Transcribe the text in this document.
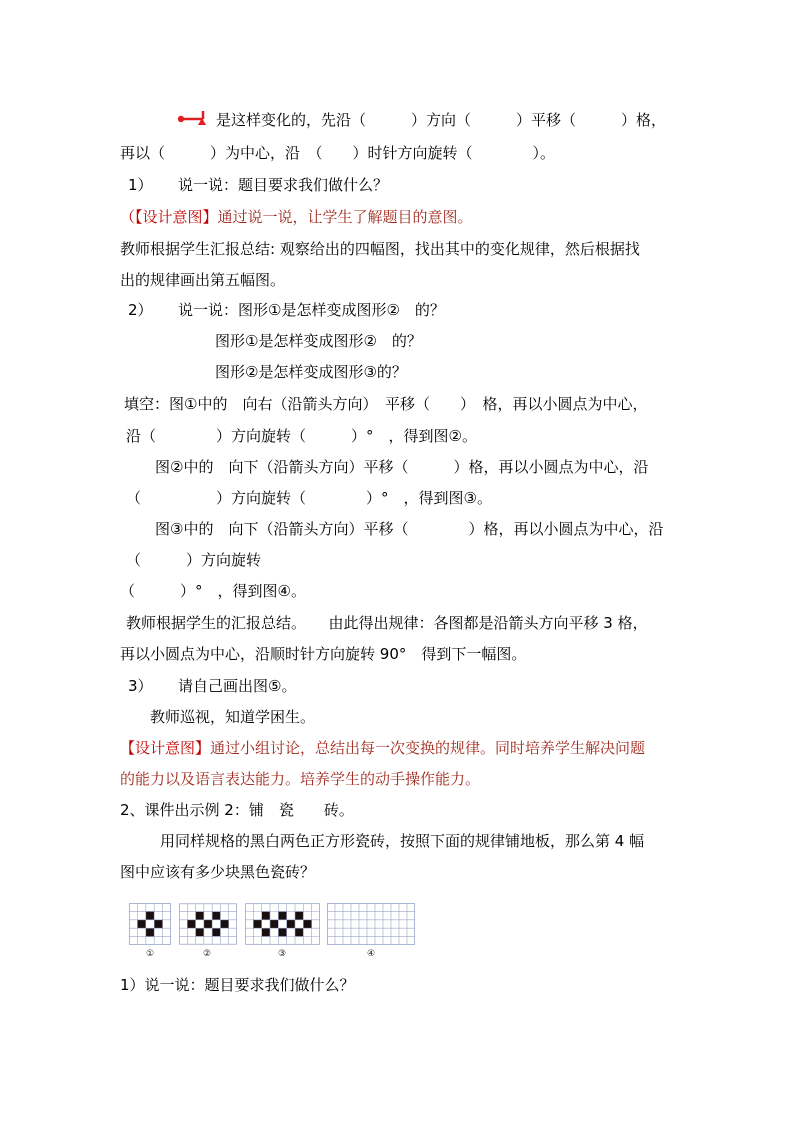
是这样变化的，先沿（　　　）方向（　　　）平移（　　　）格，
再以（　　　）为中心，沿　（　　）时针方向旋转（　　　　）。
1） 说一说：题目要求我们做什么？
（【设计意图】通过说一说，让学生了解题目的意图。
教师根据学生汇报总结: 观察给出的四幅图，找出其中的变化规律，然后根据找
出的规律画出第五幅图。
2） 说一说：图形①是怎样变成图形②　的？
图形①是怎样变成图形②　的？
图形②是怎样变成图形③的？
填空：图①中的　向右（沿箭头方向）　平移（　　）　格，再以小圆点为中心，
沿（　　　　）方向旋转（　　　）°　，得到图②。
图②中的　向下（沿箭头方向）平移（　　　）格，再以小圆点为中心，沿
（　　　　　）方向旋转（　　　　）°　，得到图③。
图③中的　向下（沿箭头方向）平移（　　　　）格，再以小圆点为中心，沿
（　　　）方向旋转
（　　　）°　，得到图④。
教师根据学生的汇报总结。　　由此得出规律：各图都是沿箭头方向平移 3 格，
再以小圆点为中心，沿顺时针方向旋转 90°　得到下一幅图。
3） 请自己画出图⑤。
教师巡视，知道学困生。
【设计意图】通过小组讨论，总结出每一次变换的规律。同时培养学生解决问题
的能力以及语言表达能力。培养学生的动手操作能力。
2、课件出示例 2：铺　瓷　　砖。
用同样规格的黑白两色正方形瓷砖，按照下面的规律铺地板，那么第 4 幅
图中应该有多少块黑色瓷砖？
①	②	③	④
1）说一说：题目要求我们做什么？
